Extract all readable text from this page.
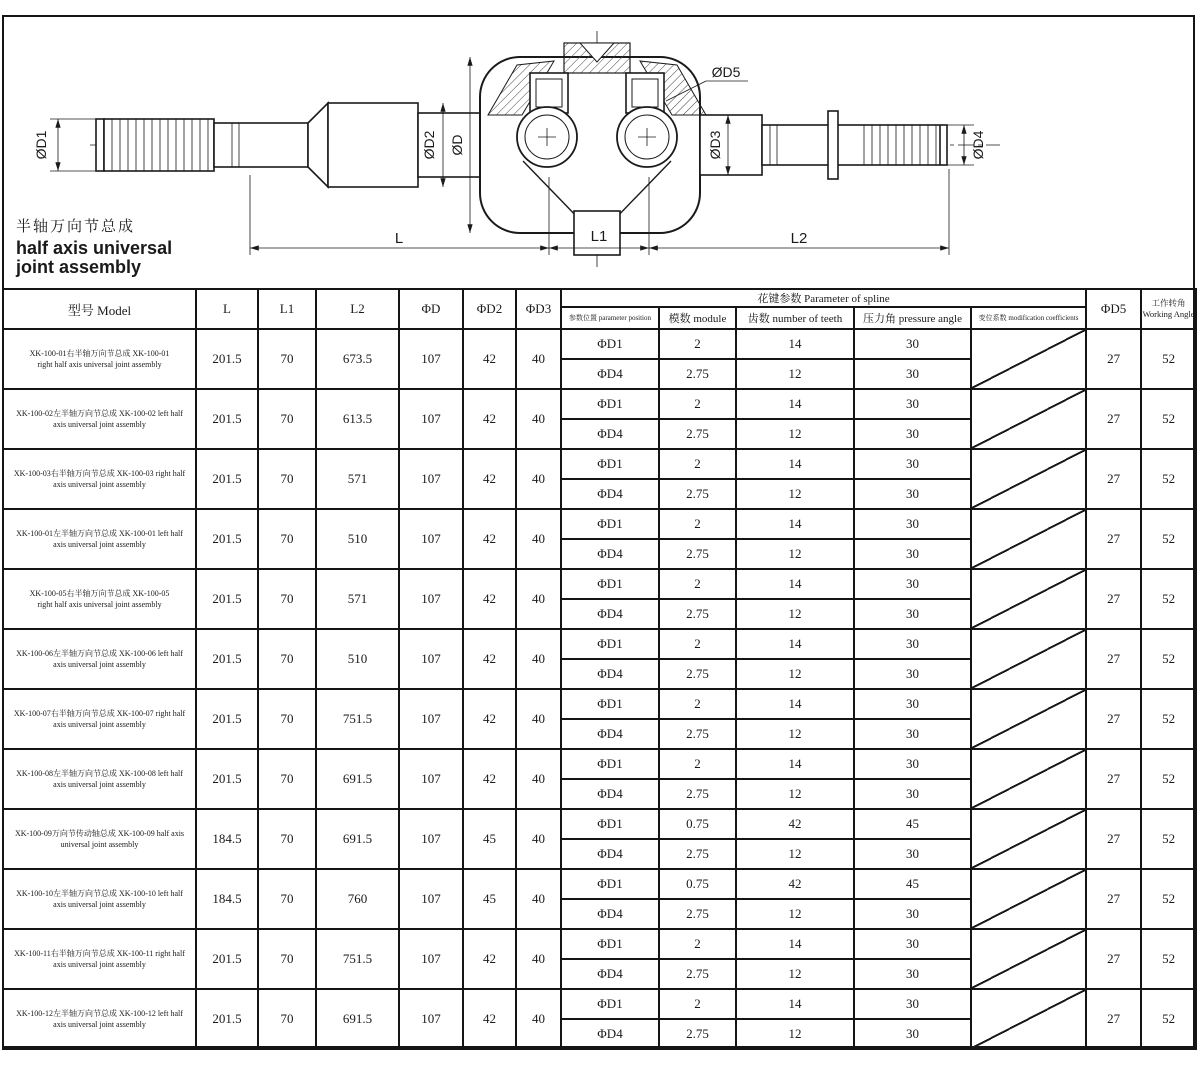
ØD1	ØD2 ØD	ØD3	ØD4
ØD5
L	L1	L2
半轴万向节总成
half axis universal
joint assembly
型号 Model	L	L1	L2	ΦD	ΦD2	ΦD3	花键参数 Parameter of spline					ΦD5	工作转角
Working Angle

							参数位置 parameter position	模数 module	齿数 number of teeth	压力角 pressure angle	变位系数 modification coefficients		

XK-100-01右半轴万向节总成 XK-100-01
right half axis universal joint assembly	201.5	70	673.5	107	42	40	ΦD1	2	14	30		27	52
							ΦD4	2.75	12	30			

XK-100-02左半轴万向节总成 XK-100-02 left half
axis universal joint assembly	201.5	70	613.5	107	42	40	ΦD1	2	14	30		27	52
							ΦD4	2.75	12	30			

XK-100-03右半轴万向节总成 XK-100-03 right half
axis universal joint assembly	201.5	70	571	107	42	40	ΦD1	2	14	30		27	52
							ΦD4	2.75	12	30			

XK-100-01左半轴万向节总成 XK-100-01 left half
axis universal joint assembly	201.5	70	510	107	42	40	ΦD1	2	14	30		27	52
							ΦD4	2.75	12	30			

XK-100-05右半轴万向节总成 XK-100-05
right half axis universal joint assembly	201.5	70	571	107	42	40	ΦD1	2	14	30		27	52
							ΦD4	2.75	12	30			

XK-100-06左半轴万向节总成 XK-100-06 left half
axis universal joint assembly	201.5	70	510	107	42	40	ΦD1	2	14	30		27	52
							ΦD4	2.75	12	30			

XK-100-07右半轴万向节总成 XK-100-07 right half
axis universal joint assembly	201.5	70	751.5	107	42	40	ΦD1	2	14	30		27	52
							ΦD4	2.75	12	30			

XK-100-08左半轴万向节总成 XK-100-08 left half
axis universal joint assembly	201.5	70	691.5	107	42	40	ΦD1	2	14	30		27	52
							ΦD4	2.75	12	30			

XK-100-09万向节传动轴总成 XK-100-09 half axis
universal joint assembly	184.5	70	691.5	107	45	40	ΦD1	0.75	42	45		27	52
							ΦD4	2.75	12	30			

XK-100-10左半轴万向节总成 XK-100-10 left half
axis universal joint assembly	184.5	70	760	107	45	40	ΦD1	0.75	42	45		27	52
							ΦD4	2.75	12	30			

XK-100-11右半轴万向节总成 XK-100-11 right half
axis universal joint assembly	201.5	70	751.5	107	42	40	ΦD1	2	14	30		27	52
							ΦD4	2.75	12	30			

XK-100-12左半轴万向节总成 XK-100-12 left half
axis universal joint assembly	201.5	70	691.5	107	42	40	ΦD1	2	14	30		27	52
							ΦD4	2.75	12	30			
